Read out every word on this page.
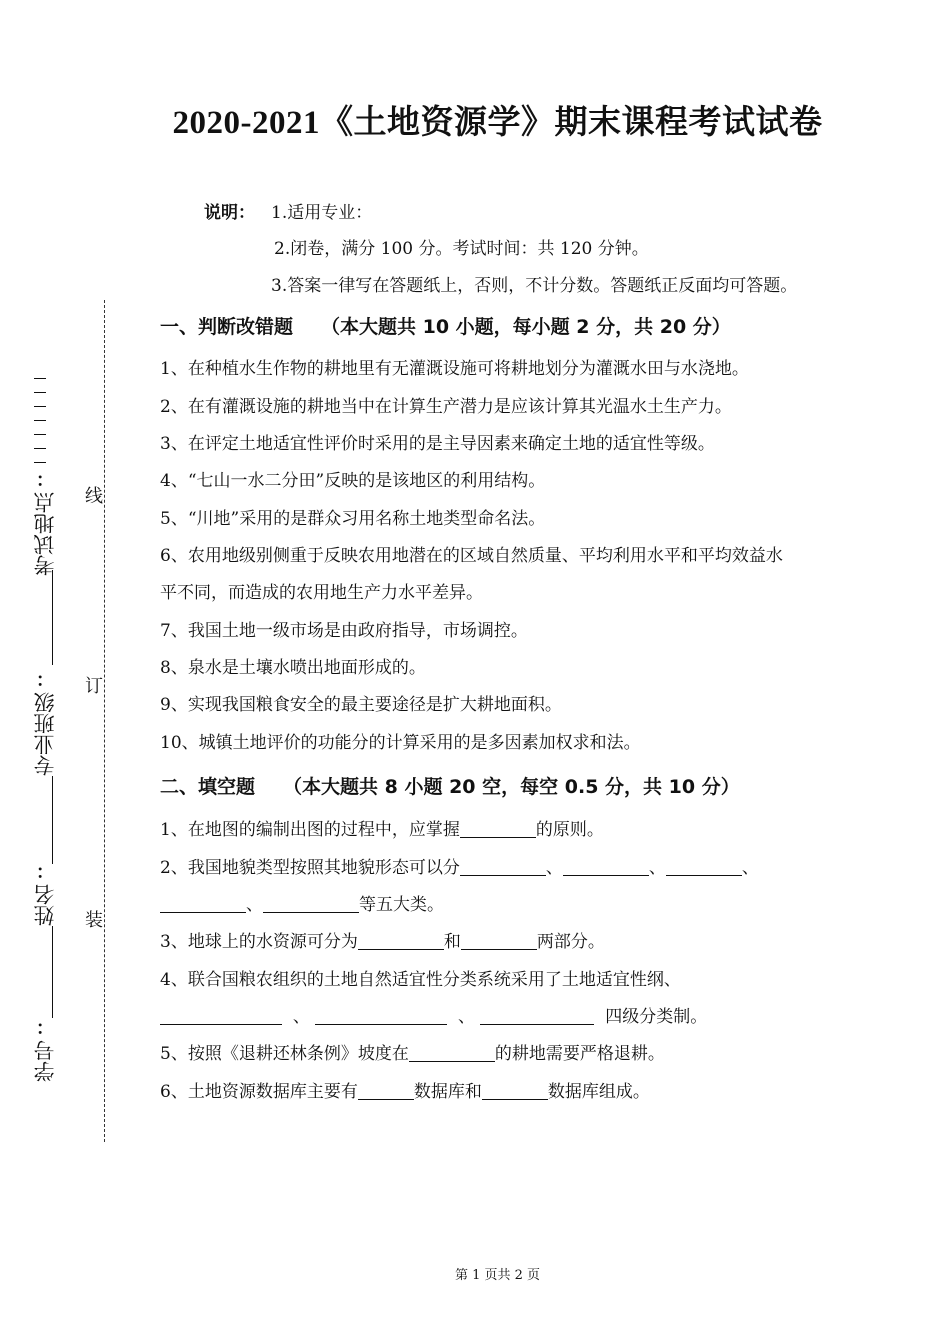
2020-2021《土地资源学》期末课程考试试卷
说明： 1.适用专业：
2.闭卷，满分 100 分。考试时间：共 120 分钟。
3.答案一律写在答题纸上，否则，不计分数。答题纸正反面均可答题。
一、判断改错题 （本大题共 10 小题，每小题 2 分，共 20 分）
1、在种植水生作物的耕地里有无灌溉设施可将耕地划分为灌溉水田与水浇地。
2、在有灌溉设施的耕地当中在计算生产潜力是应该计算其光温水土生产力。
3、在评定土地适宜性评价时采用的是主导因素来确定土地的适宜性等级。
4、“七山一水二分田”反映的是该地区的利用结构。
5、“川地”采用的是群众习用名称土地类型命名法。
6、农用地级别侧重于反映农用地潜在的区域自然质量、平均利用水平和平均效益水
平不同，而造成的农用地生产力水平差异。
7、我国土地一级市场是由政府指导，市场调控。
8、泉水是土壤水喷出地面形成的。
9、实现我国粮食安全的最主要途径是扩大耕地面积。
10、城镇土地评价的功能分的计算采用的是多因素加权求和法。
二、填空题 （本大题共 8 小题 20 空，每空 0.5 分，共 10 分）
1、在地图的编制出图的过程中，应掌握	的原则。
2、我国地貌类型按照其地貌形态可以分	、	、	、
、	等五大类。
3、地球上的水资源可分为	和	两部分。
4、联合国粮农组织的土地自然适宜性分类系统采用了土地适宜性纲、
、	、	四级分类制。
5、按照《退耕还林条例》坡度在	的耕地需要严格退耕。
6、土地资源数据库主要有	数据库和	数据库组成。
线
订
装
：
考试地点
：
专业班级
：
姓名
：
学号
第 1 页共 2 页
